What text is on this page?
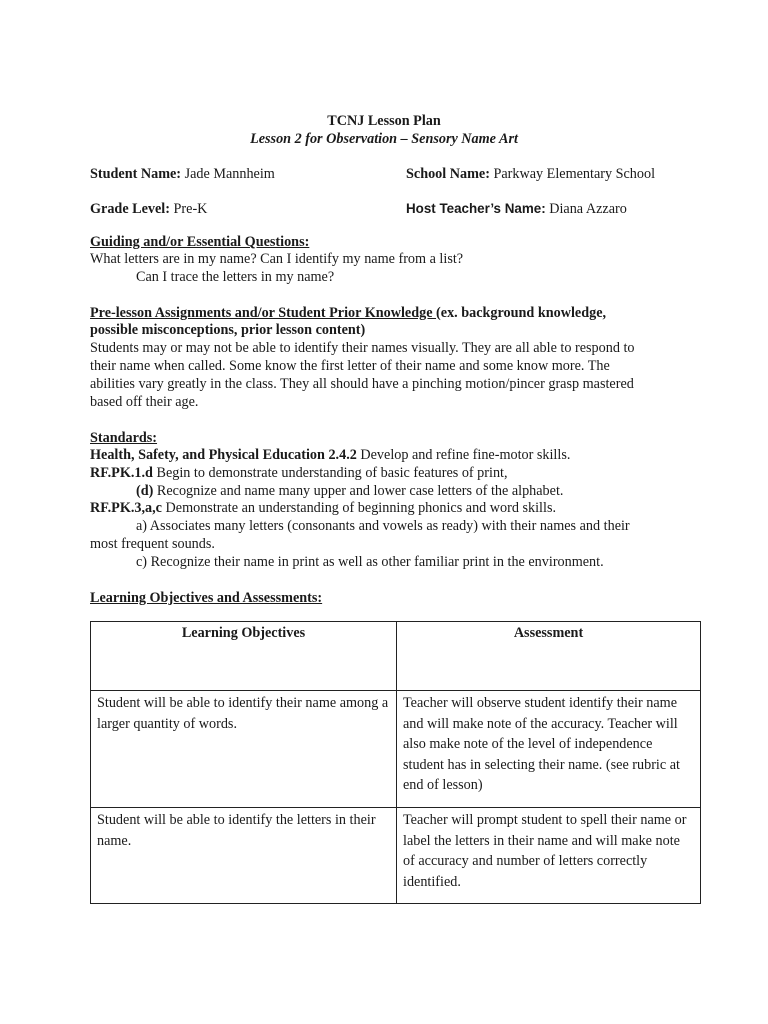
TCNJ Lesson Plan
Lesson 2 for Observation – Sensory Name Art
Student Name: Jade Mannheim	School Name: Parkway Elementary School
Grade Level: Pre-K	Host Teacher’s Name: Diana Azzaro
Guiding and/or Essential Questions:
What letters are in my name? Can I identify my name from a list?
Can I trace the letters in my name?
Pre-lesson Assignments and/or Student Prior Knowledge (ex. background knowledge,
possible misconceptions, prior lesson content)
Students may or may not be able to identify their names visually. They are all able to respond to
their name when called. Some know the first letter of their name and some know more. The
abilities vary greatly in the class. They all should have a pinching motion/pincer grasp mastered
based off their age.
Standards:
Health, Safety, and Physical Education 2.4.2 Develop and refine fine-motor skills.
RF.PK.1.d Begin to demonstrate understanding of basic features of print,
(d) Recognize and name many upper and lower case letters of the alphabet.
RF.PK.3,a,c Demonstrate an understanding of beginning phonics and word skills.
a) Associates many letters (consonants and vowels as ready) with their names and their
most frequent sounds.
c) Recognize their name in print as well as other familiar print in the environment.
Learning Objectives and Assessments:
Learning Objectives	Assessment
Student will be able to identify their name among a larger quantity of words.	Teacher will observe student identify their name and will make note of the accuracy. Teacher will also make note of the level of independence student has in selecting their name. (see rubric at end of lesson)
Student will be able to identify the letters in their name.	Teacher will prompt student to spell their name or label the letters in their name and will make note of accuracy and number of letters correctly identified.
